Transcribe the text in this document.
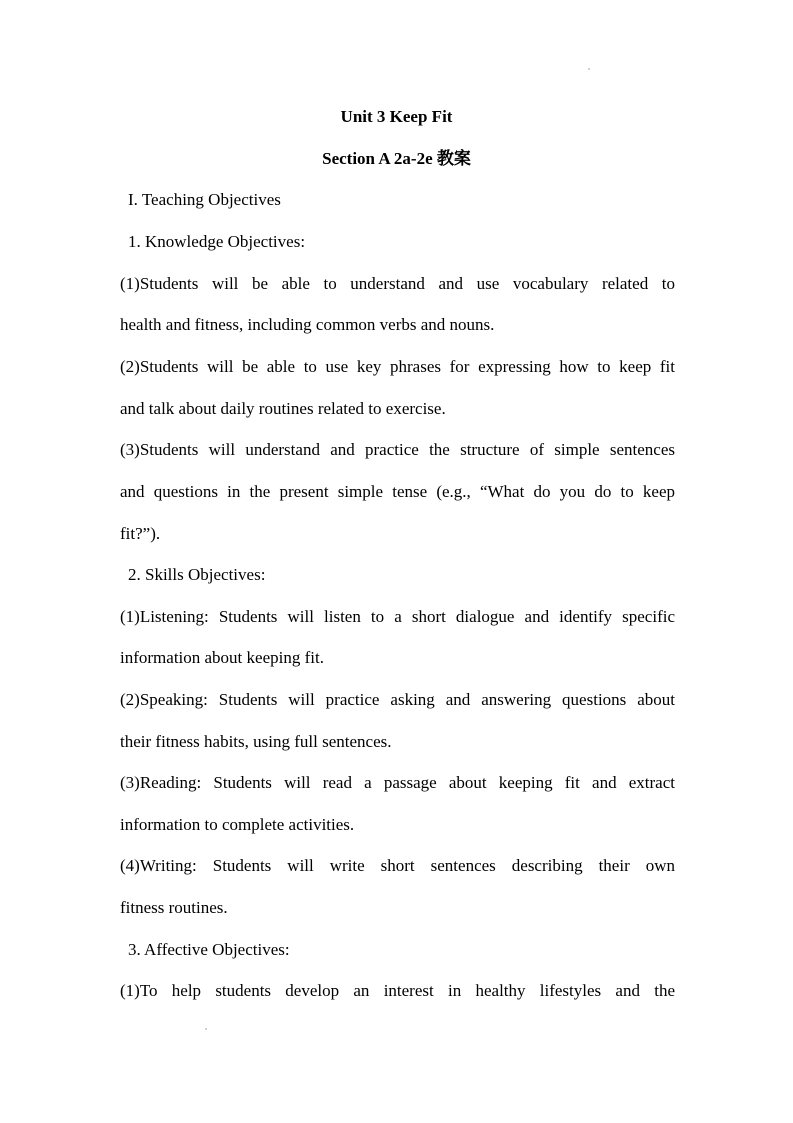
Unit 3 Keep Fit
Section A 2a-2e 教案
I. Teaching Objectives
1. Knowledge Objectives:
(1)Students will be able to understand and use vocabulary related to
health and fitness, including common verbs and nouns.
(2)Students will be able to use key phrases for expressing how to keep fit
and talk about daily routines related to exercise.
(3)Students will understand and practice the structure of simple sentences
and questions in the present simple tense (e.g., “What do you do to keep
fit?”).
2. Skills Objectives:
(1)Listening: Students will listen to a short dialogue and identify specific
information about keeping fit.
(2)Speaking: Students will practice asking and answering questions about
their fitness habits, using full sentences.
(3)Reading: Students will read a passage about keeping fit and extract
information to complete activities.
(4)Writing: Students will write short sentences describing their own
fitness routines.
3. Affective Objectives:
(1)To help students develop an interest in healthy lifestyles and the
